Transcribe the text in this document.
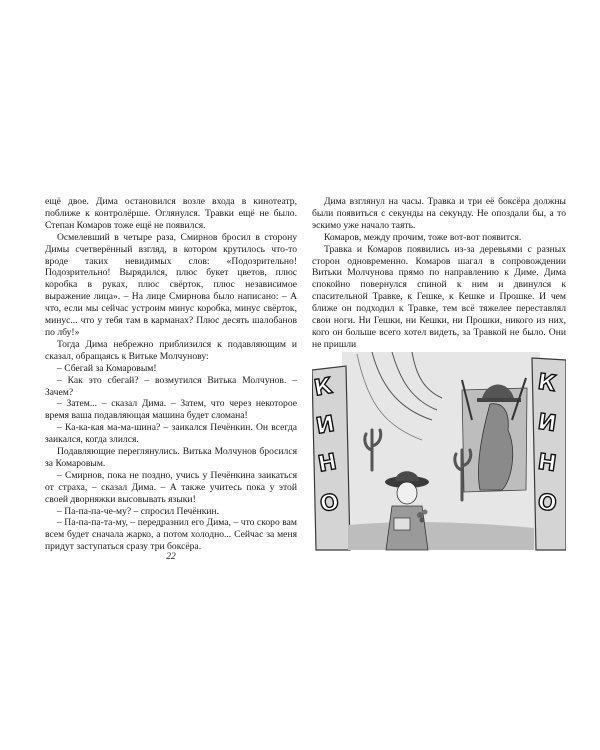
ещё двое. Дима остановился возле входа в кинотеатр, поближе к контролёрше. Оглянулся. Травки ещё не было. Степан Комаров тоже ещё не появился.

Осмелевший в четыре раза, Смирнов бросил в сторону Димы счетверённый взгляд, в котором крутилось что-то вроде таких невидимых слов: «Подозрительно! Подозрительно! Вырядился, плюс букет цветов, плюс коробка в руках, плюс свёрток, плюс независимое выражение лица». – На лице Смирнова было написано: – А что, если мы сейчас устроим минус коробка, минус свёрток, минус... что у тебя там в карманах? Плюс десять шалобанов по лбу!»

Тогда Дима небрежно приблизился к подавляющим и сказал, обращаясь к Витьке Молчунову:

– Сбегай за Комаровым!

– Как это сбегай? – возмутился Витька Молчунов. – Зачем?

– Затем... – сказал Дима. – Затем, что через некоторое время ваша подавляющая машина будет сломана!

– Ка-ка-кая ма-ма-шина? – заикался Печёнкин. Он всегда заикался, когда злился.

Подавляющие переглянулись. Витька Молчунов бросился за Комаровым.

– Смирнов, пока не поздно, учись у Печёнкина заикаться от страха, – сказал Дима. – А также учитесь пока у этой своей дворняжки высовывать языки!

– Па-па-па-че-му? – спросил Печёнкин.

– Па-па-па-та-му, – передразнил его Дима, – что скоро вам всем будет сначала жарко, а потом холодно... Сейчас за меня придут заступаться сразу три боксёра.

22

Дима взглянул на часы. Травка и три её боксёра должны были появиться с секунды на секунду. Не опоздали бы, а то эскимо уже начало таять.

Комаров, между прочим, тоже вот-вот появится.

Травка и Комаров появились из-за деревьями с разных сторон одновременно. Комаров шагал в сопровождении Витьки Молчунова прямо по направлению к Диме. Дима спокойно повернулся спиной к ним и двинулся к спасительной Травке, к Гешке, к Кешке и Прошке. И чем ближе он подходил к Травке, тем всё тяжелее переставлял свои ноги. Ни Гешки, ни Кешки, ни Прошки, никого из них, кого он больше всего хотел видеть, за Травкой не было. Они не пришли

К
И
Н
О
К
И
Н
О
